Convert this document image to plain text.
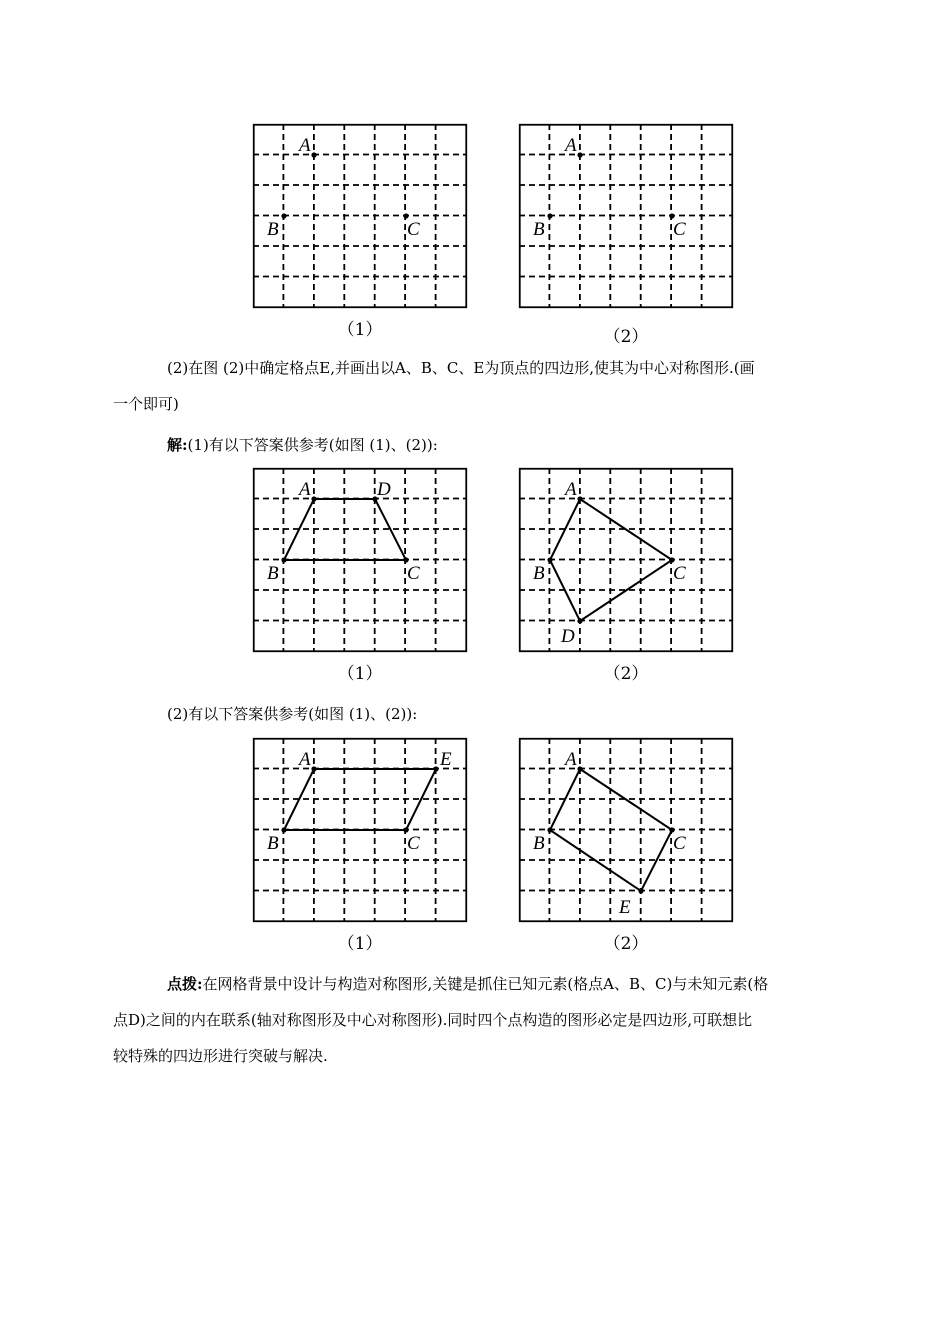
A
B	C
（1）
A
B	C
（2）
(2)在图 (2)中确定格点E,并画出以A、B、C、E为顶点的四边形,使其为中心对称图形.(画
一个即可)
解:(1)有以下答案供参考(如图 (1)、(2)):
A	D
B	C
（1）
A
B	C
D
（2）
(2)有以下答案供参考(如图 (1)、(2)):
A	E
B	C
（1）
A
B	C
E
（2）
点拨:在网格背景中设计与构造对称图形,关键是抓住已知元素(格点A、B、C)与未知元素(格
点D)之间的内在联系(轴对称图形及中心对称图形).同时四个点构造的图形必定是四边形,可联想比
较特殊的四边形进行突破与解决.
